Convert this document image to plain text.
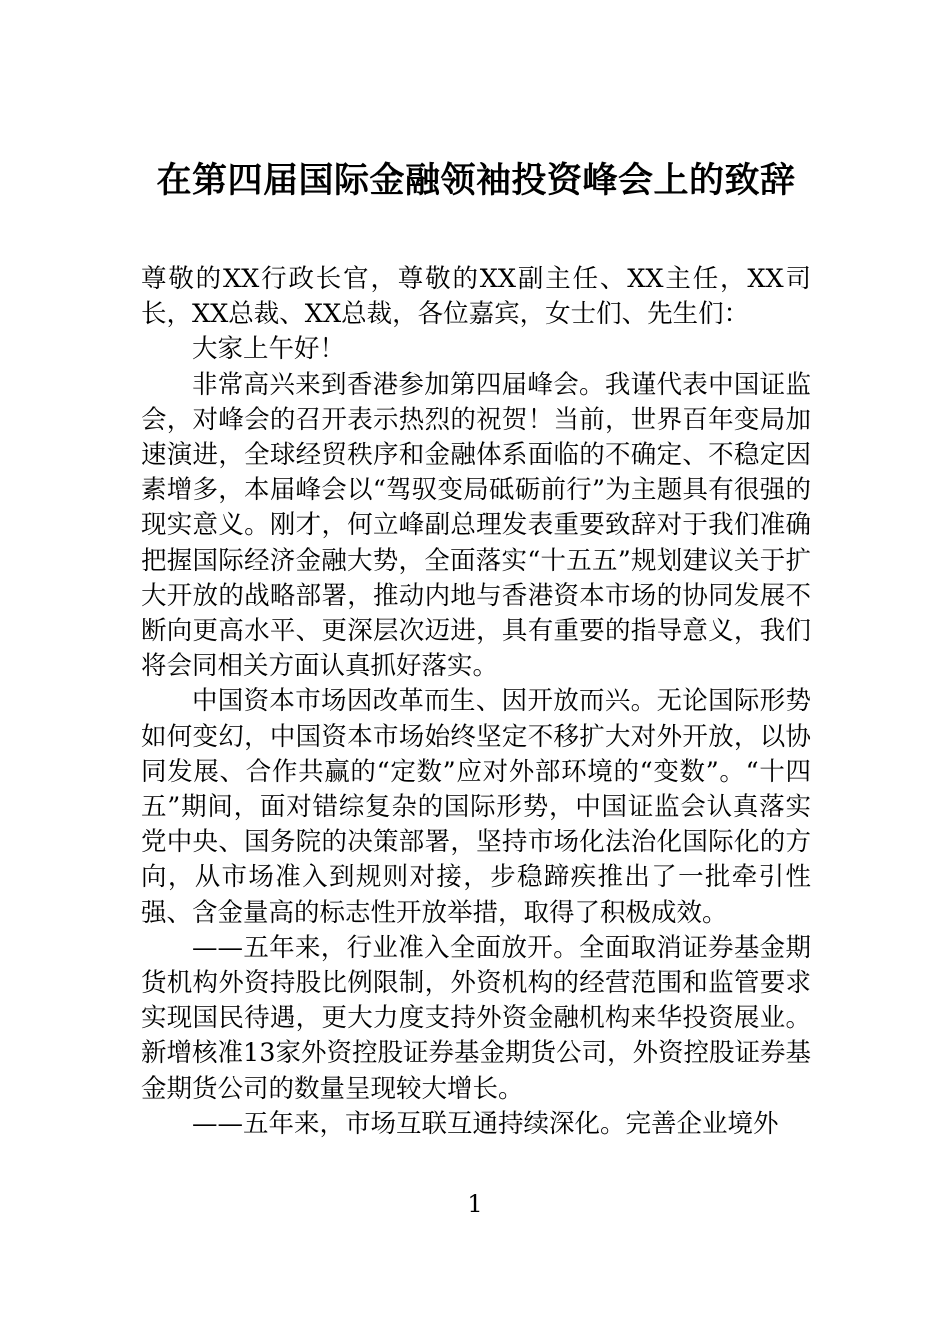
在第四届国际金融领袖投资峰会上的致辞

尊敬的XX行政长官，尊敬的XX副主任、XX主任，XX司长，XX总裁、XX总裁，各位嘉宾，女士们、先生们：

大家上午好！

非常高兴来到香港参加第四届峰会。我谨代表中国证监会，对峰会的召开表示热烈的祝贺！当前，世界百年变局加速演进，全球经贸秩序和金融体系面临的不确定、不稳定因素增多，本届峰会以“驾驭变局砥砺前行”为主题具有很强的现实意义。刚才，何立峰副总理发表重要致辞对于我们准确把握国际经济金融大势，全面落实“十五五”规划建议关于扩大开放的战略部署，推动内地与香港资本市场的协同发展不断向更高水平、更深层次迈进，具有重要的指导意义，我们将会同相关方面认真抓好落实。

中国资本市场因改革而生、因开放而兴。无论国际形势如何变幻，中国资本市场始终坚定不移扩大对外开放，以协同发展、合作共赢的“定数”应对外部环境的“变数”。“十四五”期间，面对错综复杂的国际形势，中国证监会认真落实党中央、国务院的决策部署，坚持市场化法治化国际化的方向，从市场准入到规则对接，步稳蹄疾推出了一批牵引性强、含金量高的标志性开放举措，取得了积极成效。

——五年来，行业准入全面放开。全面取消证券基金期货机构外资持股比例限制，外资机构的经营范围和监管要求实现国民待遇，更大力度支持外资金融机构来华投资展业。新增核准13家外资控股证券基金期货公司，外资控股证券基金期货公司的数量呈现较大增长。

——五年来，市场互联互通持续深化。完善企业境外

1
